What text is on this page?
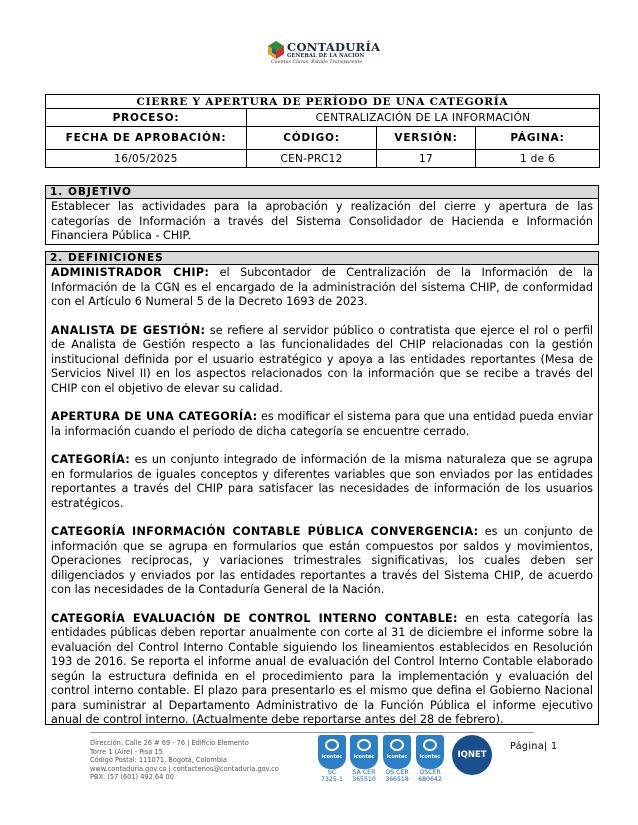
CONTADURÍA
GENERAL DE LA NACIÓN
Cuentas Claras, Estado Transparente
CIERRE Y APERTURA DE PERÍODO DE UNA CATEGORÍA			
PROCESO:	CENTRALIZACIÓN DE LA INFORMACIÓN		
FECHA DE APROBACIÓN:	CÓDIGO:	VERSIÓN:	PÁGINA:
16/05/2025	CEN-PRC12	17	1 de 6
1. OBJETIVO
Establecer las actividades para la aprobación y realización del cierre y apertura de las categorías de Información a través del Sistema Consolidador de Hacienda e Información Financiera Pública - CHIP.
2. DEFINICIONES
ADMINISTRADOR CHIP: el Subcontador de Centralización de la Información de la Información de la CGN es el encargado de la administración del sistema CHIP, de conformidad con el Artículo 6 Numeral 5 de la Decreto 1693 de 2023.
ANALISTA DE GESTIÓN: se refiere al servidor público o contratista que ejerce el rol o perfil de Analista de Gestión respecto a las funcionalidades del CHIP relacionadas con la gestión institucional definida por el usuario estratégico y apoya a las entidades reportantes (Mesa de Servicios Nivel II) en los aspectos relacionados con la información que se recibe a través del CHIP con el objetivo de elevar su calidad.
APERTURA DE UNA CATEGORÍA: es modificar el sistema para que una entidad pueda enviar la información cuando el periodo de dicha categoría se encuentre cerrado.
CATEGORÍA: es un conjunto integrado de información de la misma naturaleza que se agrupa en formularios de iguales conceptos y diferentes variables que son enviados por las entidades reportantes a través del CHIP para satisfacer las necesidades de información de los usuarios estratégicos.
CATEGORÍA INFORMACIÓN CONTABLE PÚBLICA CONVERGENCIA: es un conjunto de información que se agrupa en formularios que están compuestos por saldos y movimientos, Operaciones reciprocas, y variaciones trimestrales significativas, los cuales deben ser diligenciados y enviados por las entidades reportantes a través del Sistema CHIP, de acuerdo con las necesidades de la Contaduría General de la Nación.
CATEGORÍA EVALUACIÓN DE CONTROL INTERNO CONTABLE: en esta categoría las entidades públicas deben reportar anualmente con corte al 31 de diciembre el informe sobre la evaluación del Control Interno Contable siguiendo los lineamientos establecidos en Resolución 193 de 2016. Se reporta el informe anual de evaluación del Control Interno Contable elaborado según la estructura definida en el procedimiento para la implementación y evaluación del control interno contable. El plazo para presentarlo es el mismo que defina el Gobierno Nacional para suministrar al Departamento Administrativo de la Función Pública el informe ejecutivo anual de control interno. (Actualmente debe reportarse antes del 28 de febrero).
Dirección: Calle 26 # 69 - 76 | Edificio Elemento
Torre 1 (Aire) - Piso 15
Código Postal: 111071, Bogotá, Colombia
www.contaduria.gov.co | contactenos@contaduria.gov.co
PBX: (57 (601) 492 64 00
icontec
SC
7325-1
icontec
SA CER
365510
icontec
OS CER
366518
icontec
OSCER
680642
IQNET
Página| 1
